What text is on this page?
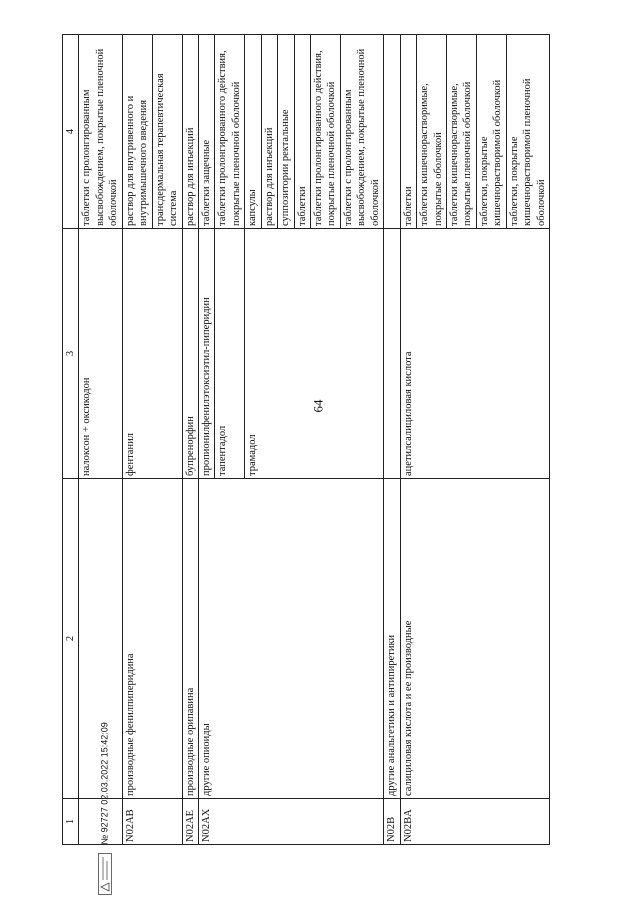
64
1	2	3	4
		налоксон + оксикодон	таблетки с пролонгированным высвобождением, покрытые пленочной оболочкой
N02AB	производные фенилпиперидина	фентанил	раствор для внутривенного и внутримышечного введения
			трансдермальная терапевтическая система
N02AE	производные орипавина	бупренорфин	раствор для инъекций
N02AX	другие опиоиды	пропионилфенилэтоксиэтил-пиперидин	таблетки защечные
		тапентадол	таблетки пролонгированного действия, покрытые пленочной оболочкой
		трамадол	капсулы
			раствор для инъекций
			суппозитории ректальные
			таблетки
			таблетки пролонгированного действия, покрытые пленочной оболочкой
			таблетки с пролонгированным высвобождением, покрытые пленочной оболочкой
N02B	другие анальгетики и антипиретики		
N02BA	салициловая кислота и ее производные	ацетилсалициловая кислота	таблетки
			таблетки кишечнорастворимые, покрытые оболочкой
			таблетки кишечнорастворимые, покрытые пленочной оболочкой
			таблетки, покрытые кишечнорастворимой оболочкой
			таблетки, покрытые кишечнорастворимой пленочной оболочкой
№ 92727 02.03.2022 15:42:09
